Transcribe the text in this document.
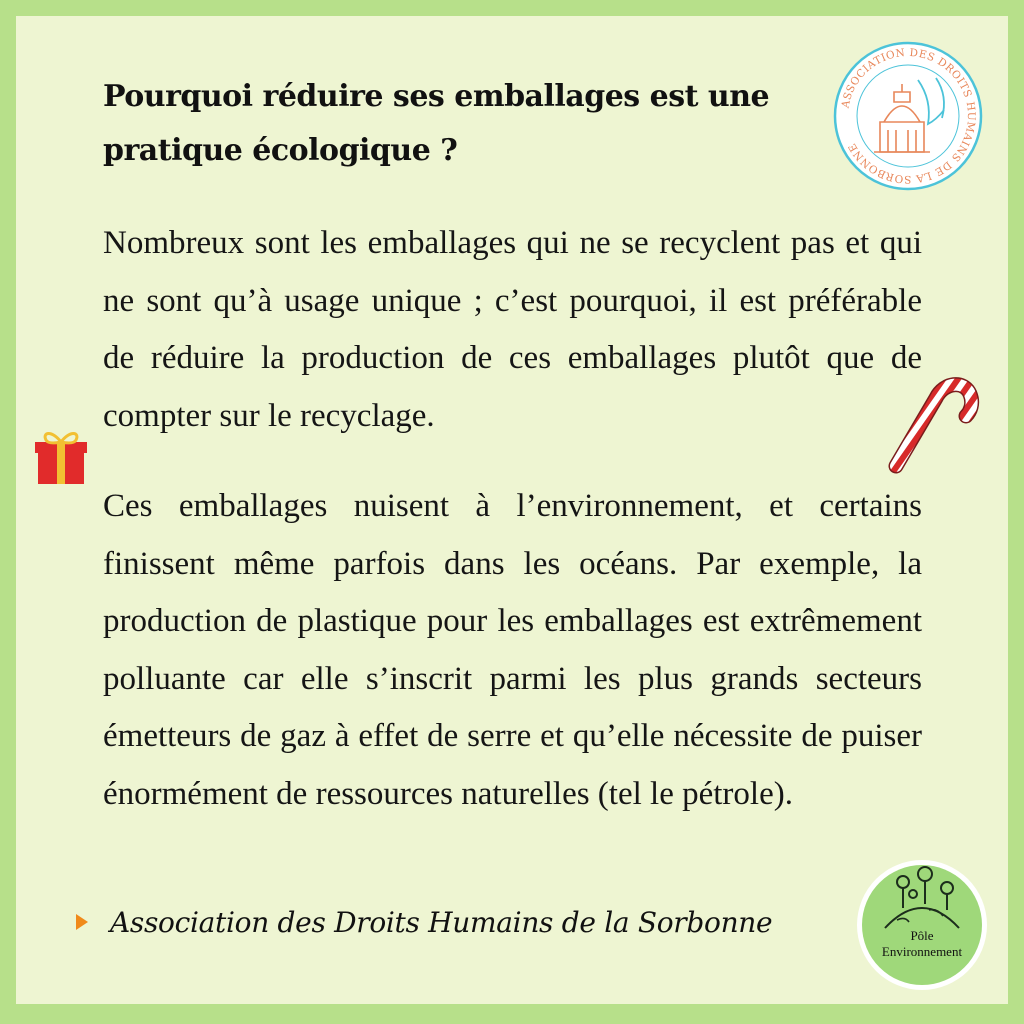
Pourquoi réduire ses emballages est une pratique écologique ?
ASSOCIATION DES DROITS HUMAINS DE LA SORBONNE

Nombreux sont les emballages qui ne se recyclent pas et qui ne sont qu’à usage unique ; c’est pourquoi, il est préférable de réduire la production de ces emballages plutôt que de compter sur le recyclage.

Ces emballages nuisent à l’environnement, et certains finissent même parfois dans les océans. Par exemple, la production de plastique pour les emballages est extrêmement polluante car elle s’inscrit parmi les plus grands secteurs émetteurs de gaz à effet de serre et qu’elle nécessite de puiser énormément de ressources naturelles (tel le pétrole).

Association des Droits Humains de la Sorbonne	Pôle
Environnement
